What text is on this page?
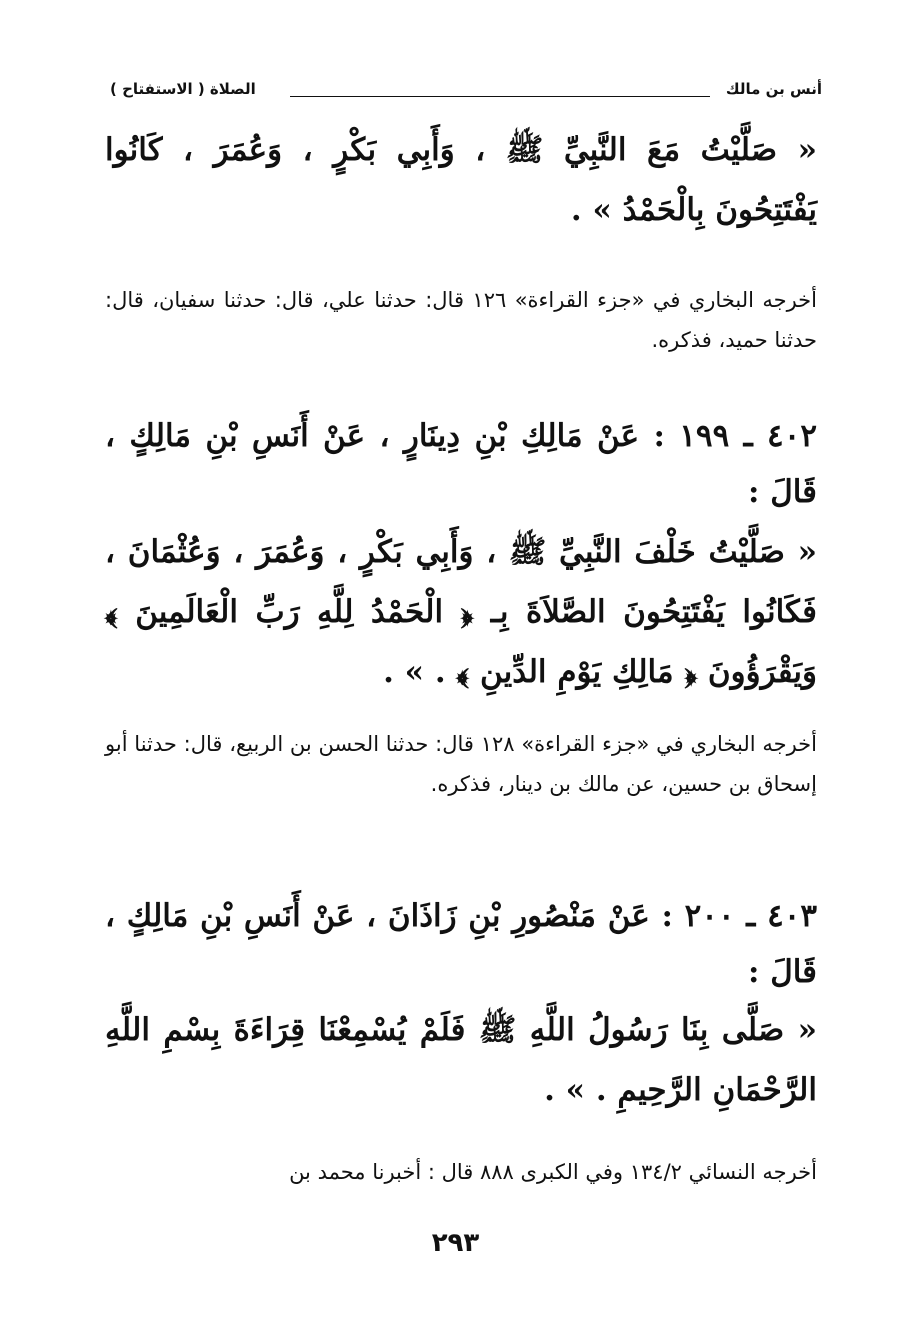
أنس بن مالك
الصلاة ( الاستفتاح )
« صَلَّيْتُ مَعَ النَّبِيِّ ﷺ ، وَأَبِي بَكْرٍ ، وَعُمَرَ ، كَانُوا يَفْتَتِحُونَ بِالْحَمْدُ » .
أخرجه البخاري في «جزء القراءة» ١٢٦ قال: حدثنا علي، قال: حدثنا سفيان، قال: حدثنا حميد، فذكره.
٤٠٢ ـ ١٩٩ : عَنْ مَالِكِ بْنِ دِينَارٍ ، عَنْ أَنَسِ بْنِ مَالِكٍ ، قَالَ :
« صَلَّيْتُ خَلْفَ النَّبِيِّ ﷺ ، وَأَبِي بَكْرٍ ، وَعُمَرَ ، وَعُثْمَانَ ، فَكَانُوا يَفْتَتِحُونَ الصَّلاَةَ بِـ ﴿ الْحَمْدُ لِلَّهِ رَبِّ الْعَالَمِينَ ﴾ وَيَقْرَؤُونَ ﴿ مَالِكِ يَوْمِ الدِّينِ ﴾ . » .
أخرجه البخاري في «جزء القراءة» ١٢٨ قال: حدثنا الحسن بن الربيع، قال: حدثنا أبو إسحاق بن حسين، عن مالك بن دينار، فذكره.
٤٠٣ ـ ٢٠٠ : عَنْ مَنْصُورِ بْنِ زَاذَانَ ، عَنْ أَنَسِ بْنِ مَالِكٍ ، قَالَ :
« صَلَّى بِنَا رَسُولُ اللَّهِ ﷺ فَلَمْ يُسْمِعْنَا قِرَاءَةَ بِسْمِ اللَّهِ الرَّحْمَانِ الرَّحِيمِ . » .
أخرجه النسائي ١٣٤/٢ وفي الكبرى ٨٨٨ قال : أخبرنا محمد بن
٢٩٣
